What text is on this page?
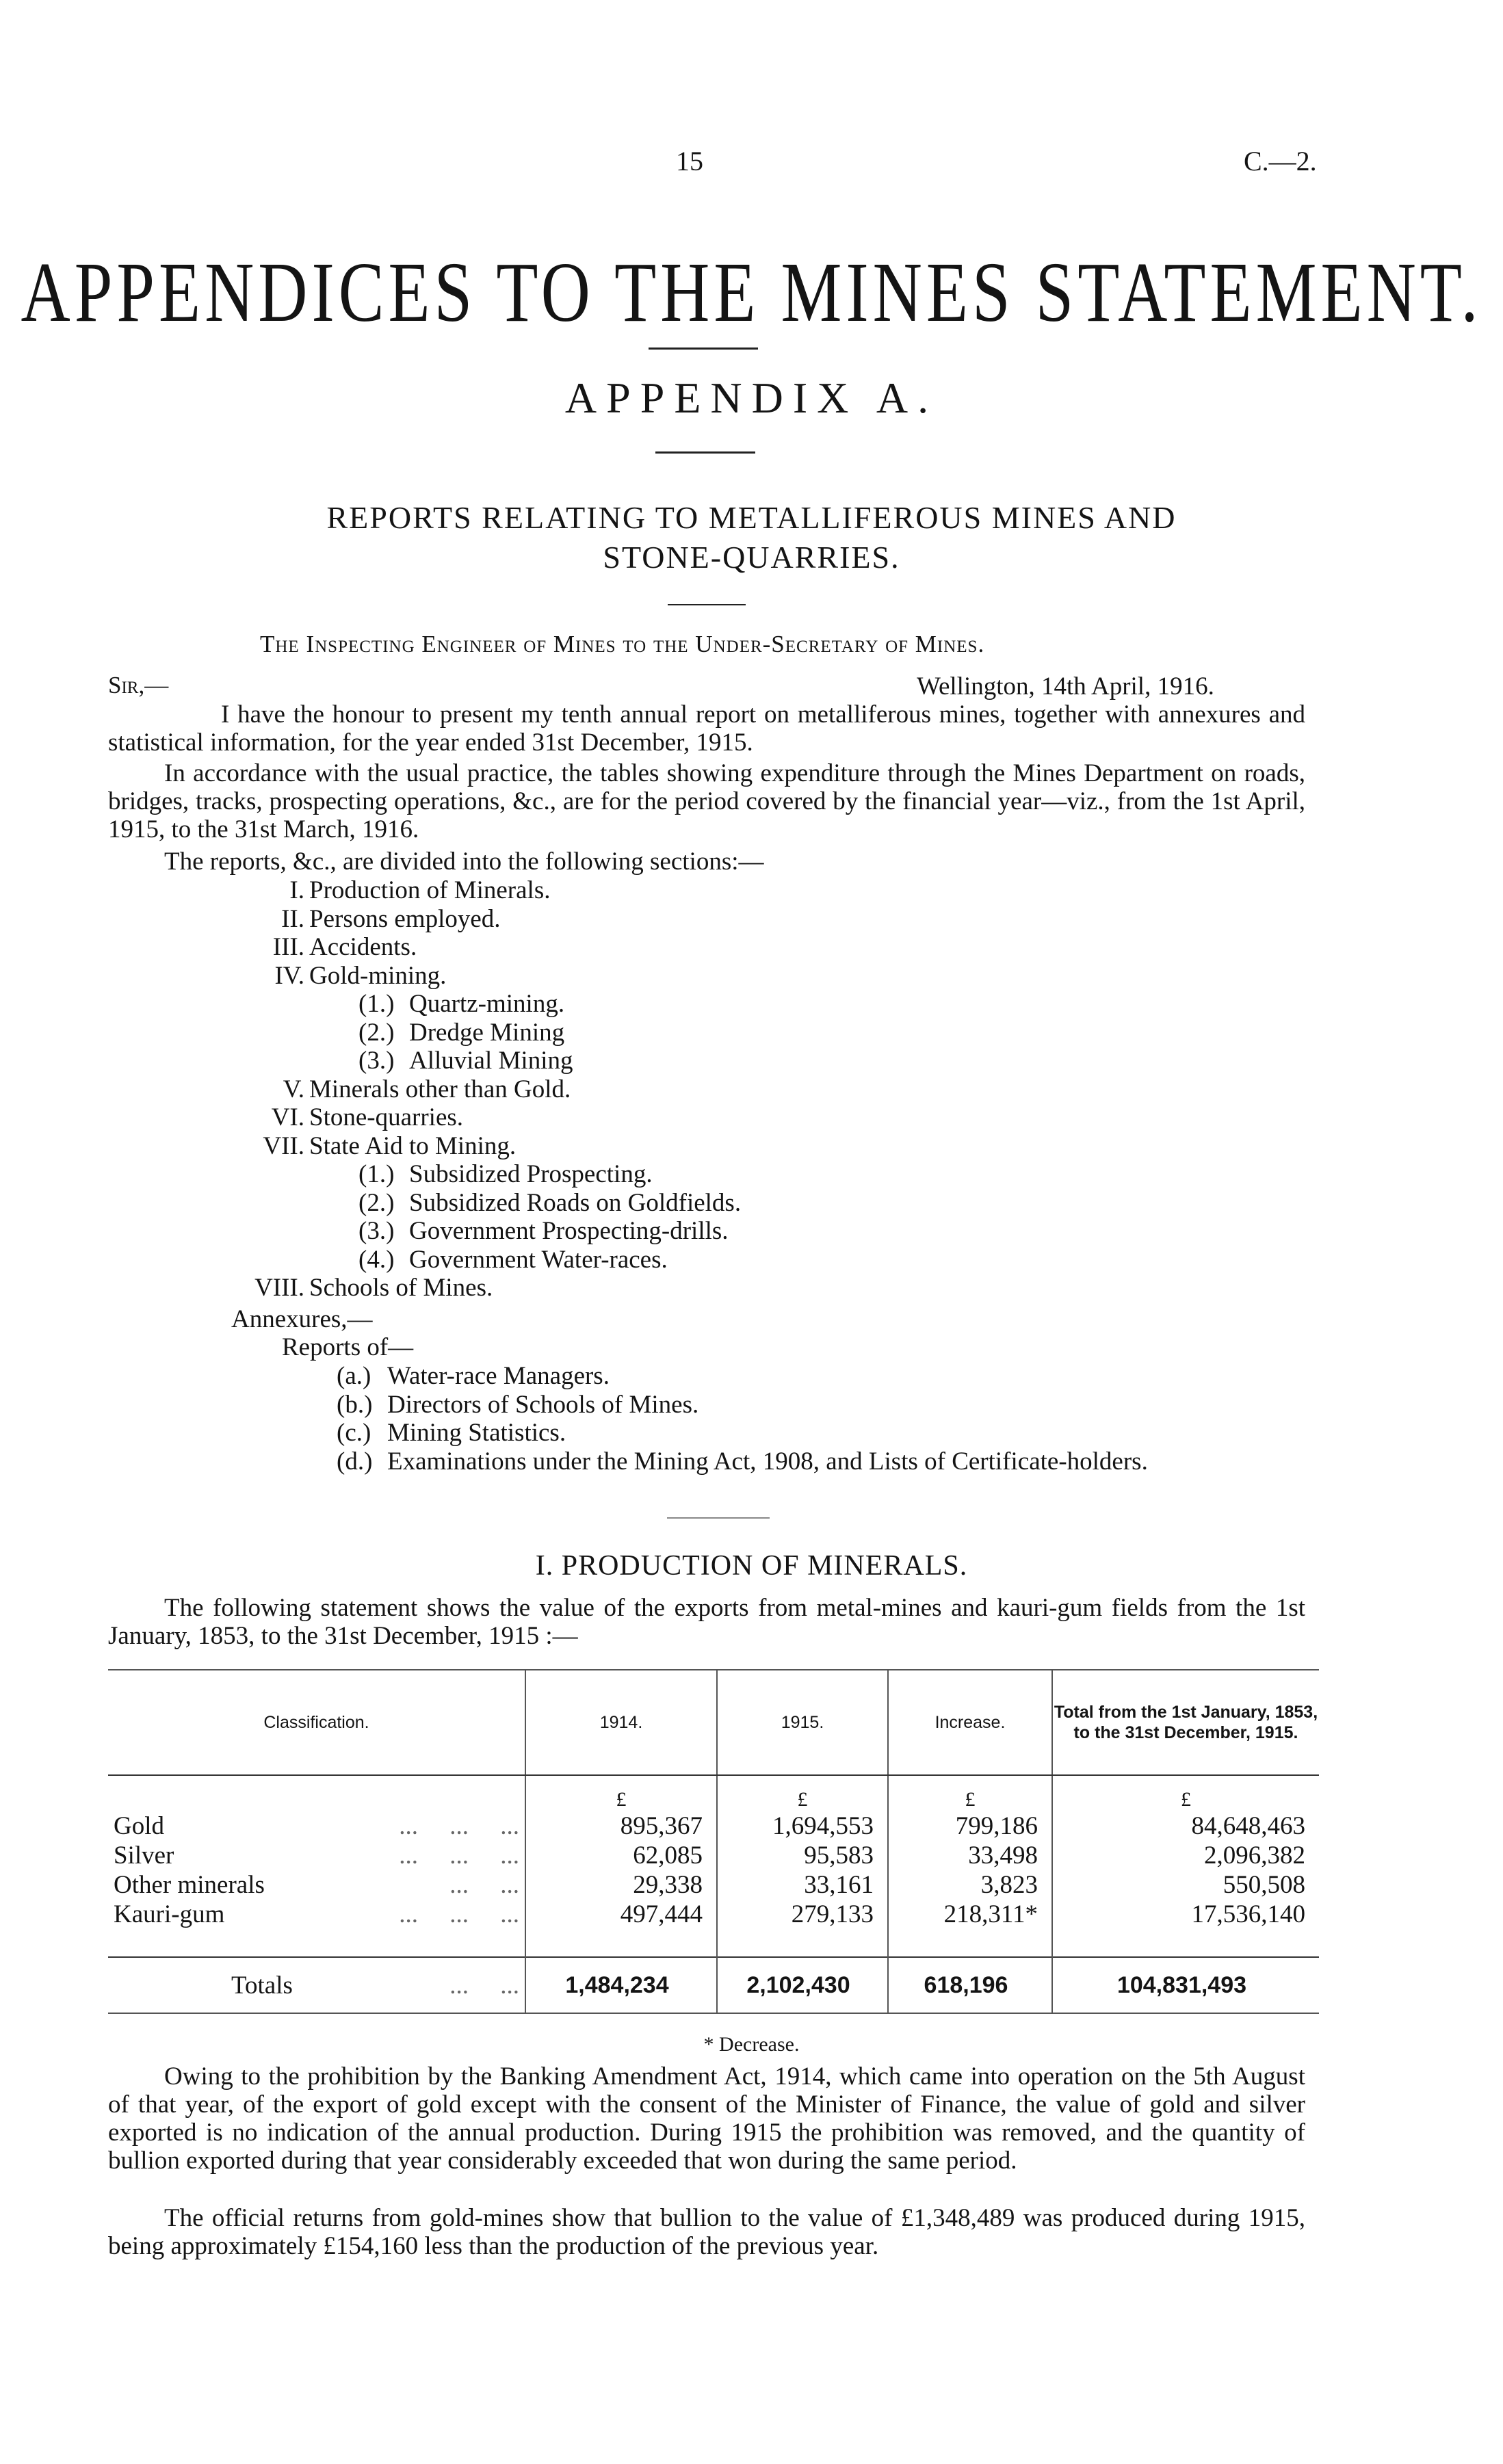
15	C.—2.
APPENDICES TO THE MINES STATEMENT.
APPENDIX A.
REPORTS RELATING TO METALLIFEROUS MINES AND
STONE-QUARRIES.
The Inspecting Engineer of Mines to the Under-Secretary of Mines.
Sir,—	Wellington, 14th April, 1916.
I have the honour to present my tenth annual report on metalliferous mines, together with annexures and statistical information, for the year ended 31st December, 1915.
In accordance with the usual practice, the tables showing expenditure through the Mines Department on roads, bridges, tracks, prospecting operations, &c., are for the period covered by the financial year—viz., from the 1st April, 1915, to the 31st March, 1916.
The reports, &c., are divided into the following sections:—
I. Production of Minerals.
II. Persons employed.
III. Accidents.
IV. Gold-mining.
(1.) Quartz-mining.
(2.) Dredge Mining
(3.) Alluvial Mining
V. Minerals other than Gold.
VI. Stone-quarries.
VII. State Aid to Mining.
(1.) Subsidized Prospecting.
(2.) Subsidized Roads on Goldfields.
(3.) Government Prospecting-drills.
(4.) Government Water-races.
VIII. Schools of Mines.
Annexures,—
Reports of—
(a.) Water-race Managers.
(b.) Directors of Schools of Mines.
(c.) Mining Statistics.
(d.) Examinations under the Mining Act, 1908, and Lists of Certificate-holders.
I. PRODUCTION OF MINERALS.
The following statement shows the value of the exports from metal-mines and kauri-gum fields from the 1st January, 1853, to the 31st December, 1915 :—
Classification.	1914.	1915.	Increase.	Total from the 1st January, 1853, to the 31st December, 1915.
	£	£	£	£
Gold ...     ...     ...	895,367	1,694,553	799,186	84,648,463
Silver ...     ...     ...	62,085	95,583	33,498	2,096,382
Other minerals ...     ...	29,338	33,161	3,823	550,508
Kauri-gum ...     ...     ...	497,444	279,133	218,311*	17,536,140

Totals ...     ...	1,484,234	2,102,430	618,196	104,831,493
* Decrease.
Owing to the prohibition by the Banking Amendment Act, 1914, which came into operation on the 5th August of that year, of the export of gold except with the consent of the Minister of Finance, the value of gold and silver exported is no indication of the annual production. During 1915 the prohibition was removed, and the quantity of bullion exported during that year considerably exceeded that won during the same period.
The official returns from gold-mines show that bullion to the value of £1,348,489 was produced during 1915, being approximately £154,160 less than the production of the previous year.
